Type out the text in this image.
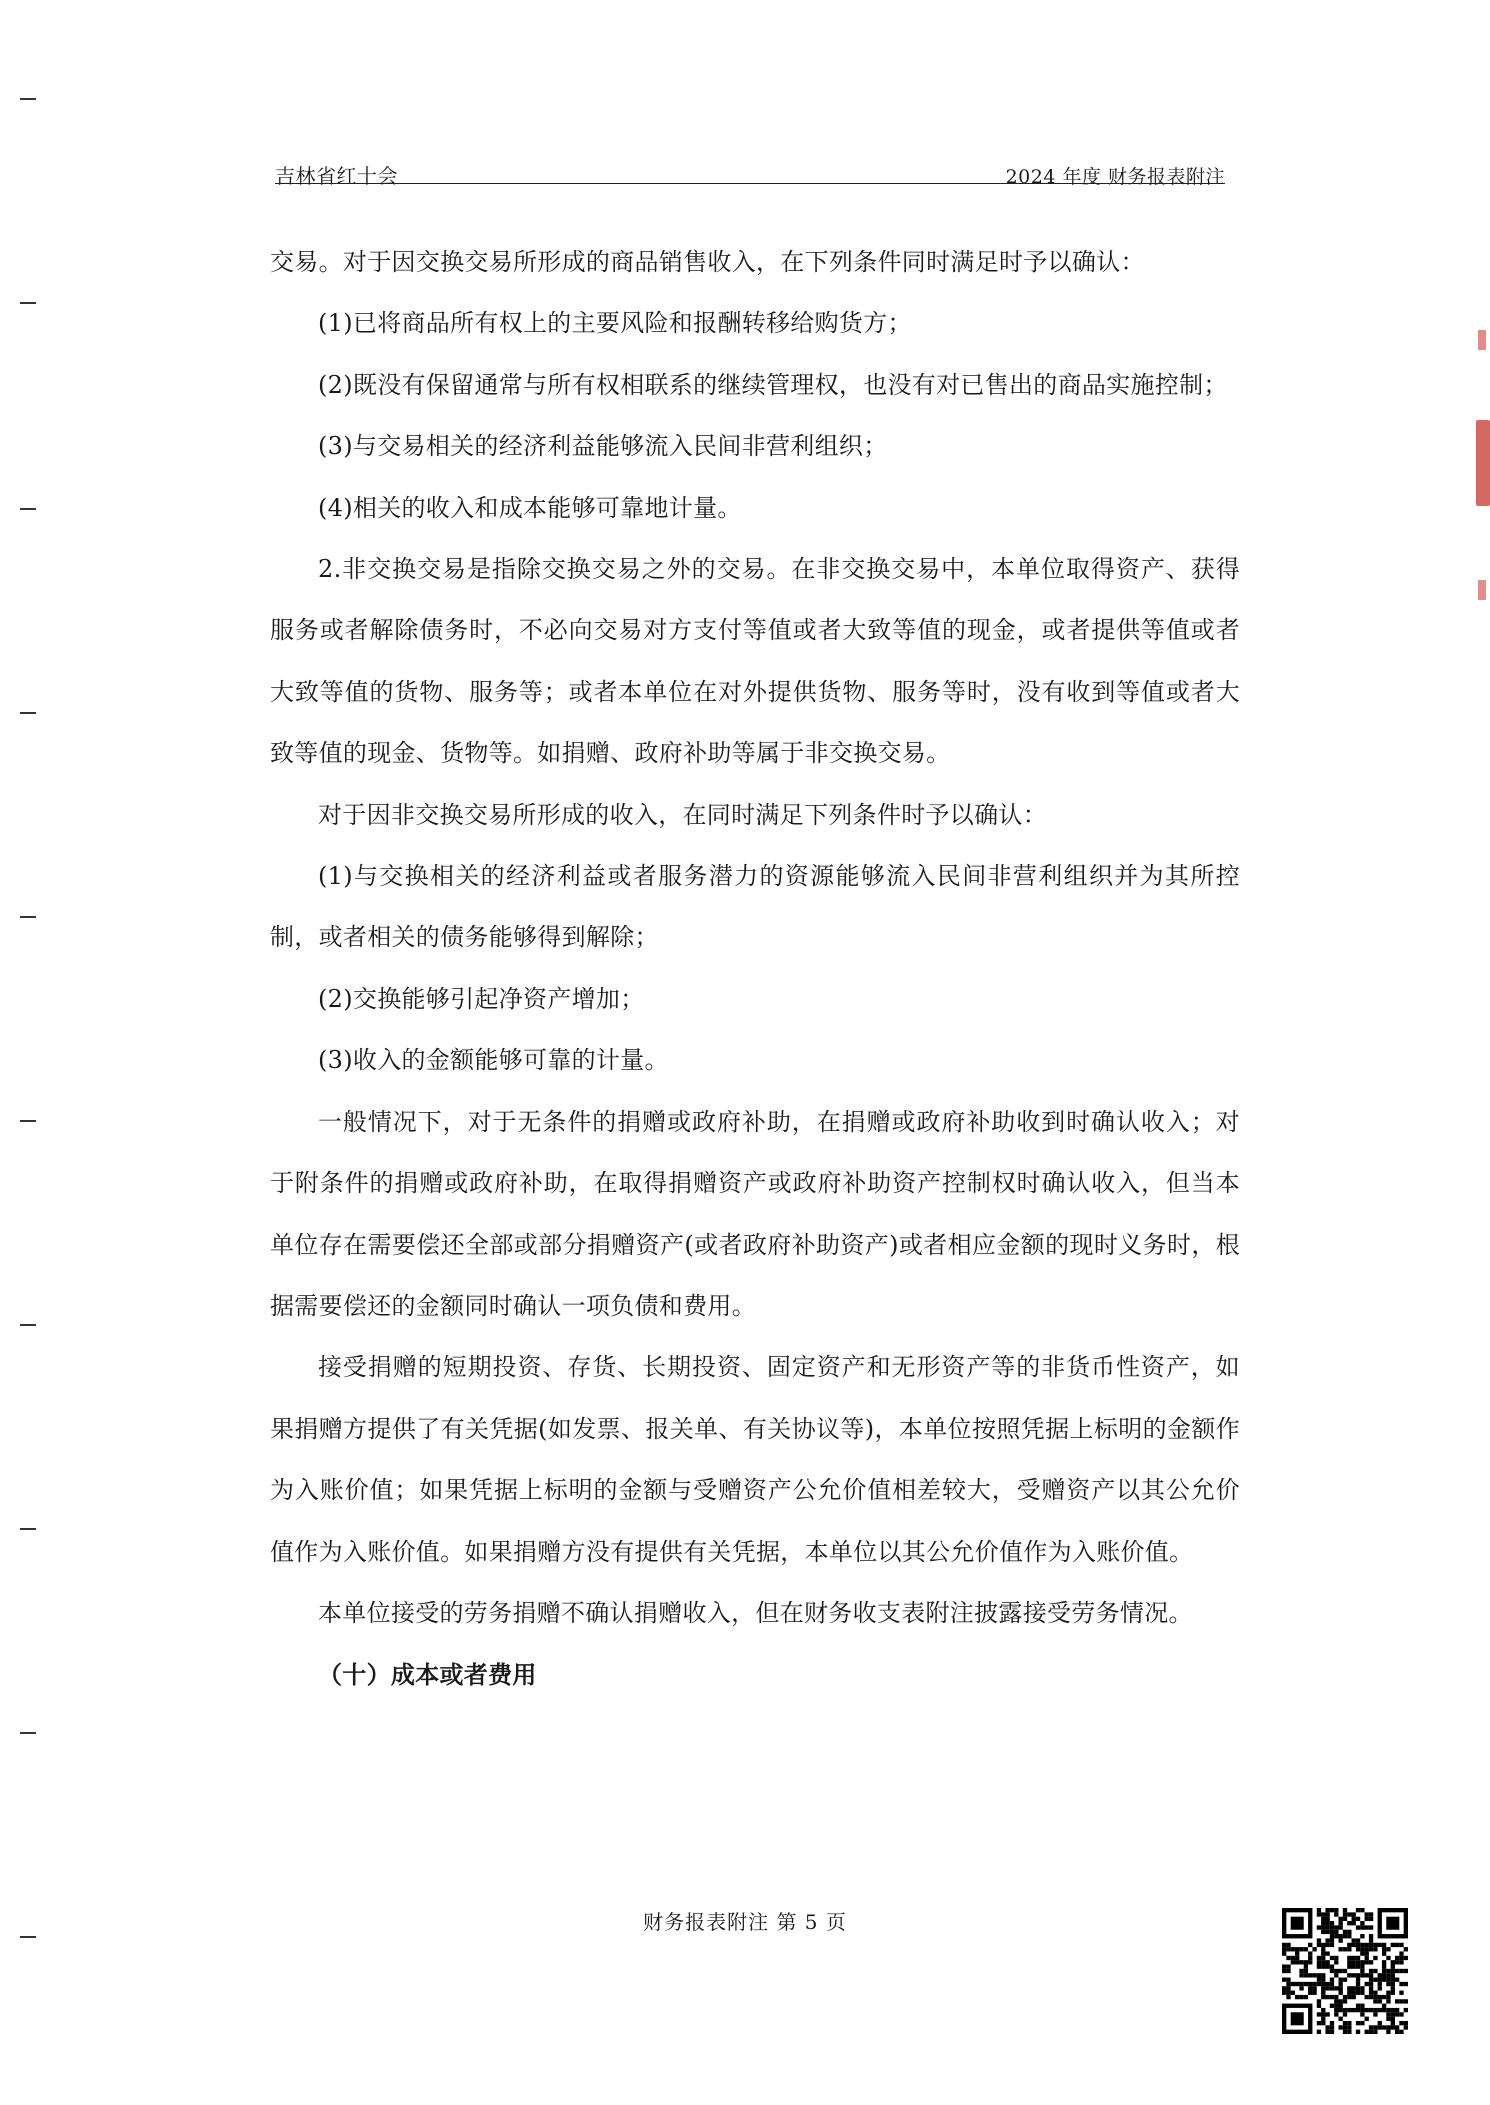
吉林省红十会	2024 年度 财务报表附注

交易。对于因交换交易所形成的商品销售收入，在下列条件同时满足时予以确认：

(1)已将商品所有权上的主要风险和报酬转移给购货方；

(2)既没有保留通常与所有权相联系的继续管理权，也没有对已售出的商品实施控制；

(3)与交易相关的经济利益能够流入民间非营利组织；

(4)相关的收入和成本能够可靠地计量。

2.非交换交易是指除交换交易之外的交易。在非交换交易中，本单位取得资产、获得服务或者解除债务时，不必向交易对方支付等值或者大致等值的现金，或者提供等值或者大致等值的货物、服务等；或者本单位在对外提供货物、服务等时，没有收到等值或者大致等值的现金、货物等。如捐赠、政府补助等属于非交换交易。

对于因非交换交易所形成的收入，在同时满足下列条件时予以确认：

(1)与交换相关的经济利益或者服务潜力的资源能够流入民间非营利组织并为其所控制，或者相关的债务能够得到解除；

(2)交换能够引起净资产增加；

(3)收入的金额能够可靠的计量。

一般情况下，对于无条件的捐赠或政府补助，在捐赠或政府补助收到时确认收入；对于附条件的捐赠或政府补助，在取得捐赠资产或政府补助资产控制权时确认收入，但当本单位存在需要偿还全部或部分捐赠资产(或者政府补助资产)或者相应金额的现时义务时，根据需要偿还的金额同时确认一项负债和费用。

接受捐赠的短期投资、存货、长期投资、固定资产和无形资产等的非货币性资产，如果捐赠方提供了有关凭据(如发票、报关单、有关协议等)，本单位按照凭据上标明的金额作为入账价值；如果凭据上标明的金额与受赠资产公允价值相差较大，受赠资产以其公允价值作为入账价值。如果捐赠方没有提供有关凭据，本单位以其公允价值作为入账价值。

本单位接受的劳务捐赠不确认捐赠收入，但在财务收支表附注披露接受劳务情况。

（十）成本或者费用

财务报表附注 第 5 页
